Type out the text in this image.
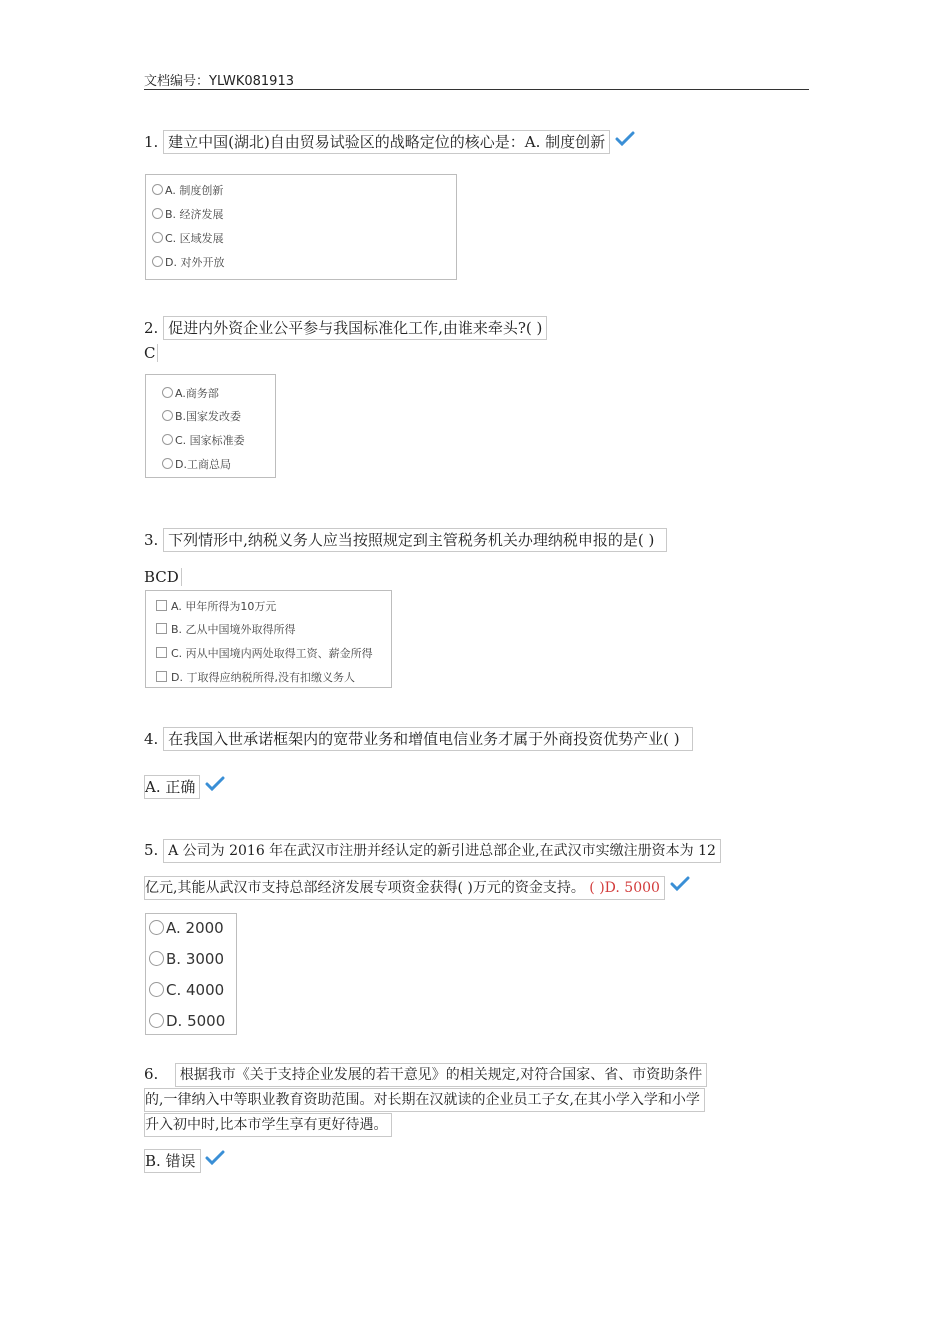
文档编号：YLWK081913
1. 建立中国(湖北)自由贸易试验区的战略定位的核心是：A. 制度创新
A. 制度创新
B. 经济发展
C. 区域发展
D. 对外开放
2. 促进内外资企业公平参与我国标准化工作,由谁来牵头?( )
C
A.商务部
B.国家发改委
C. 国家标准委
D.工商总局
3. 下列情形中,纳税义务人应当按照规定到主管税务机关办理纳税申报的是( )
BCD
A. 甲年所得为10万元
B. 乙从中国境外取得所得
C. 丙从中国境内两处取得工资、薪金所得
D. 丁取得应纳税所得,没有扣缴义务人
4. 在我国入世承诺框架内的宽带业务和增值电信业务才属于外商投资优势产业( )
A. 正确
5. A 公司为 2016 年在武汉市注册并经认定的新引进总部企业,在武汉市实缴注册资本为 12
亿元,其能从武汉市支持总部经济发展专项资金获得( )万元的资金支持。 ( )D. 5000
A. 2000
B. 3000
C. 4000
D. 5000
6. 根据我市《关于支持企业发展的若干意见》的相关规定,对符合国家、省、市资助条件
的,一律纳入中等职业教育资助范围。对长期在汉就读的企业员工子女,在其小学入学和小学
升入初中时,比本市学生享有更好待遇。
B. 错误
